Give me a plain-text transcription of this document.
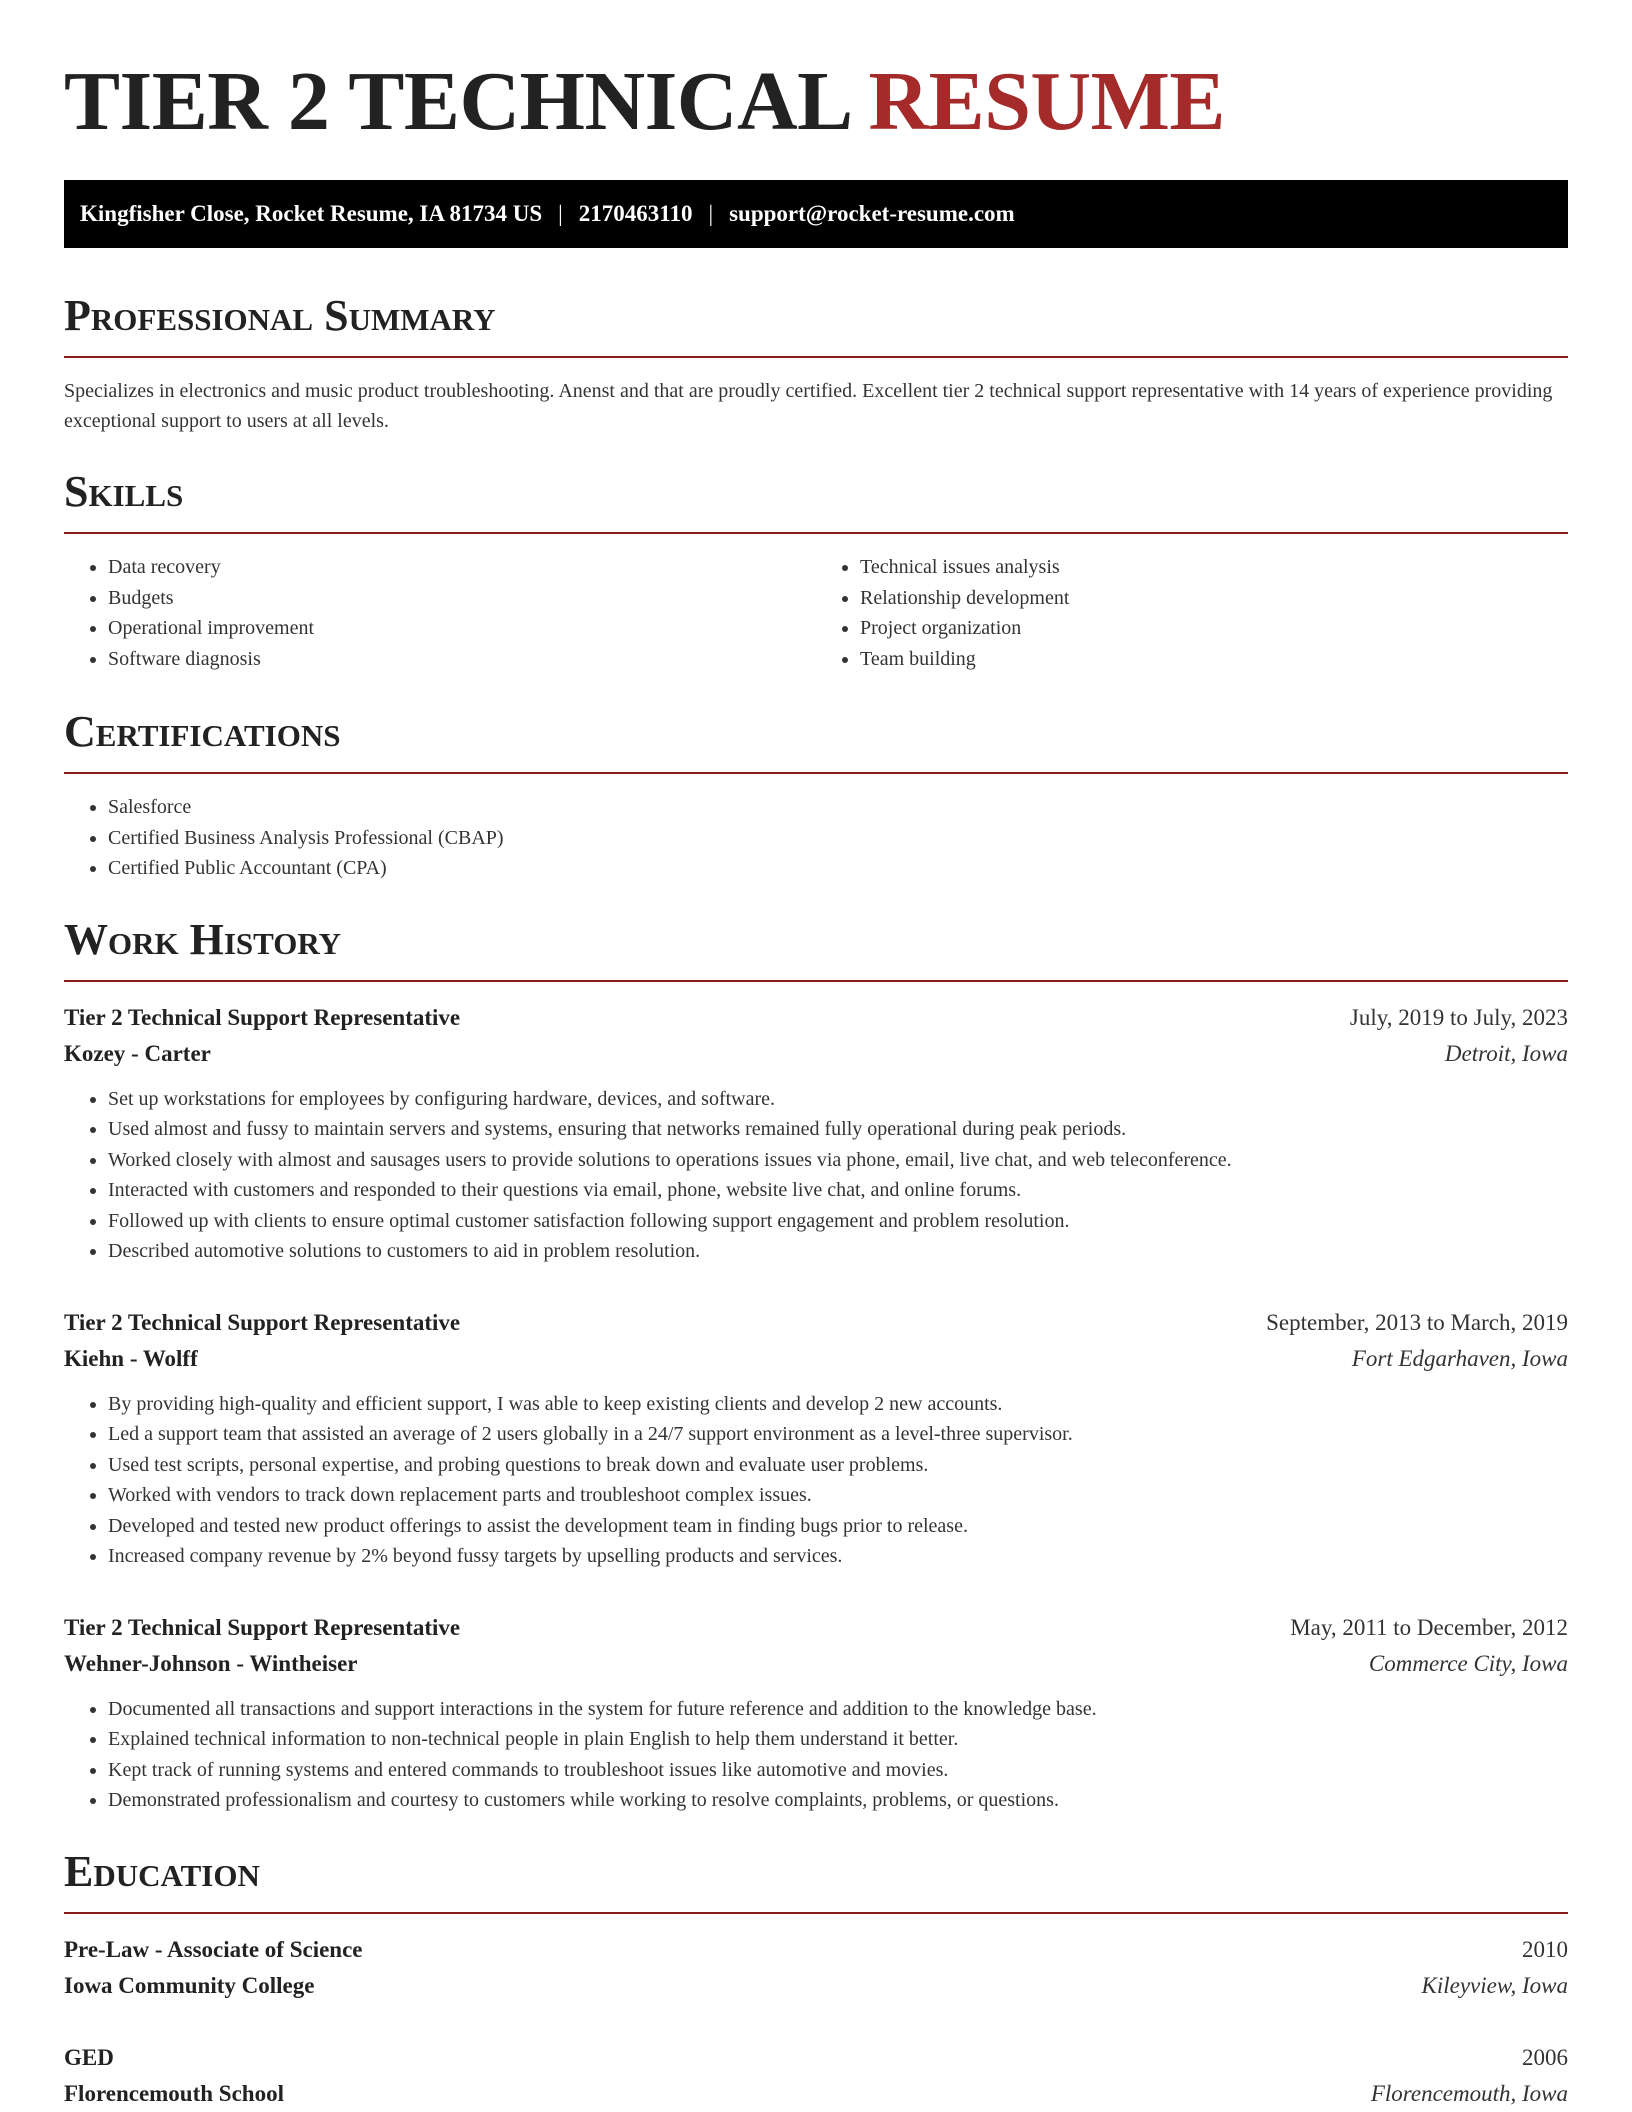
TIER 2 TECHNICAL RESUME
Kingfisher Close, Rocket Resume, IA 81734 US | 2170463110 | support@rocket-resume.com
Professional Summary

Specializes in electronics and music product troubleshooting. Anenst and that are proudly certified. Excellent tier 2 technical support representative with 14 years of experience providing exceptional support to users at all levels.

Skills
• Data recovery
• Budgets
• Operational improvement
• Software diagnosis
• Technical issues analysis
• Relationship development
• Project organization
• Team building
Certifications
• Salesforce
• Certified Business Analysis Professional (CBAP)
• Certified Public Accountant (CPA)
Work History
Tier 2 Technical Support Representative	July, 2019 to July, 2023
Kozey - Carter	Detroit, Iowa
• Set up workstations for employees by configuring hardware, devices, and software.
• Used almost and fussy to maintain servers and systems, ensuring that networks remained fully operational during peak periods.
• Worked closely with almost and sausages users to provide solutions to operations issues via phone, email, live chat, and web teleconference.
• Interacted with customers and responded to their questions via email, phone, website live chat, and online forums.
• Followed up with clients to ensure optimal customer satisfaction following support engagement and problem resolution.
• Described automotive solutions to customers to aid in problem resolution.
Tier 2 Technical Support Representative	September, 2013 to March, 2019
Kiehn - Wolff	Fort Edgarhaven, Iowa
• By providing high-quality and efficient support, I was able to keep existing clients and develop 2 new accounts.
• Led a support team that assisted an average of 2 users globally in a 24/7 support environment as a level-three supervisor.
• Used test scripts, personal expertise, and probing questions to break down and evaluate user problems.
• Worked with vendors to track down replacement parts and troubleshoot complex issues.
• Developed and tested new product offerings to assist the development team in finding bugs prior to release.
• Increased company revenue by 2% beyond fussy targets by upselling products and services.
Tier 2 Technical Support Representative	May, 2011 to December, 2012
Wehner-Johnson - Wintheiser	Commerce City, Iowa
• Documented all transactions and support interactions in the system for future reference and addition to the knowledge base.
• Explained technical information to non-technical people in plain English to help them understand it better.
• Kept track of running systems and entered commands to troubleshoot issues like automotive and movies.
• Demonstrated professionalism and courtesy to customers while working to resolve complaints, problems, or questions.
Education
Pre-Law - Associate of Science	2010
Iowa Community College	Kileyview, Iowa
GED	2006
Florencemouth School	Florencemouth, Iowa
